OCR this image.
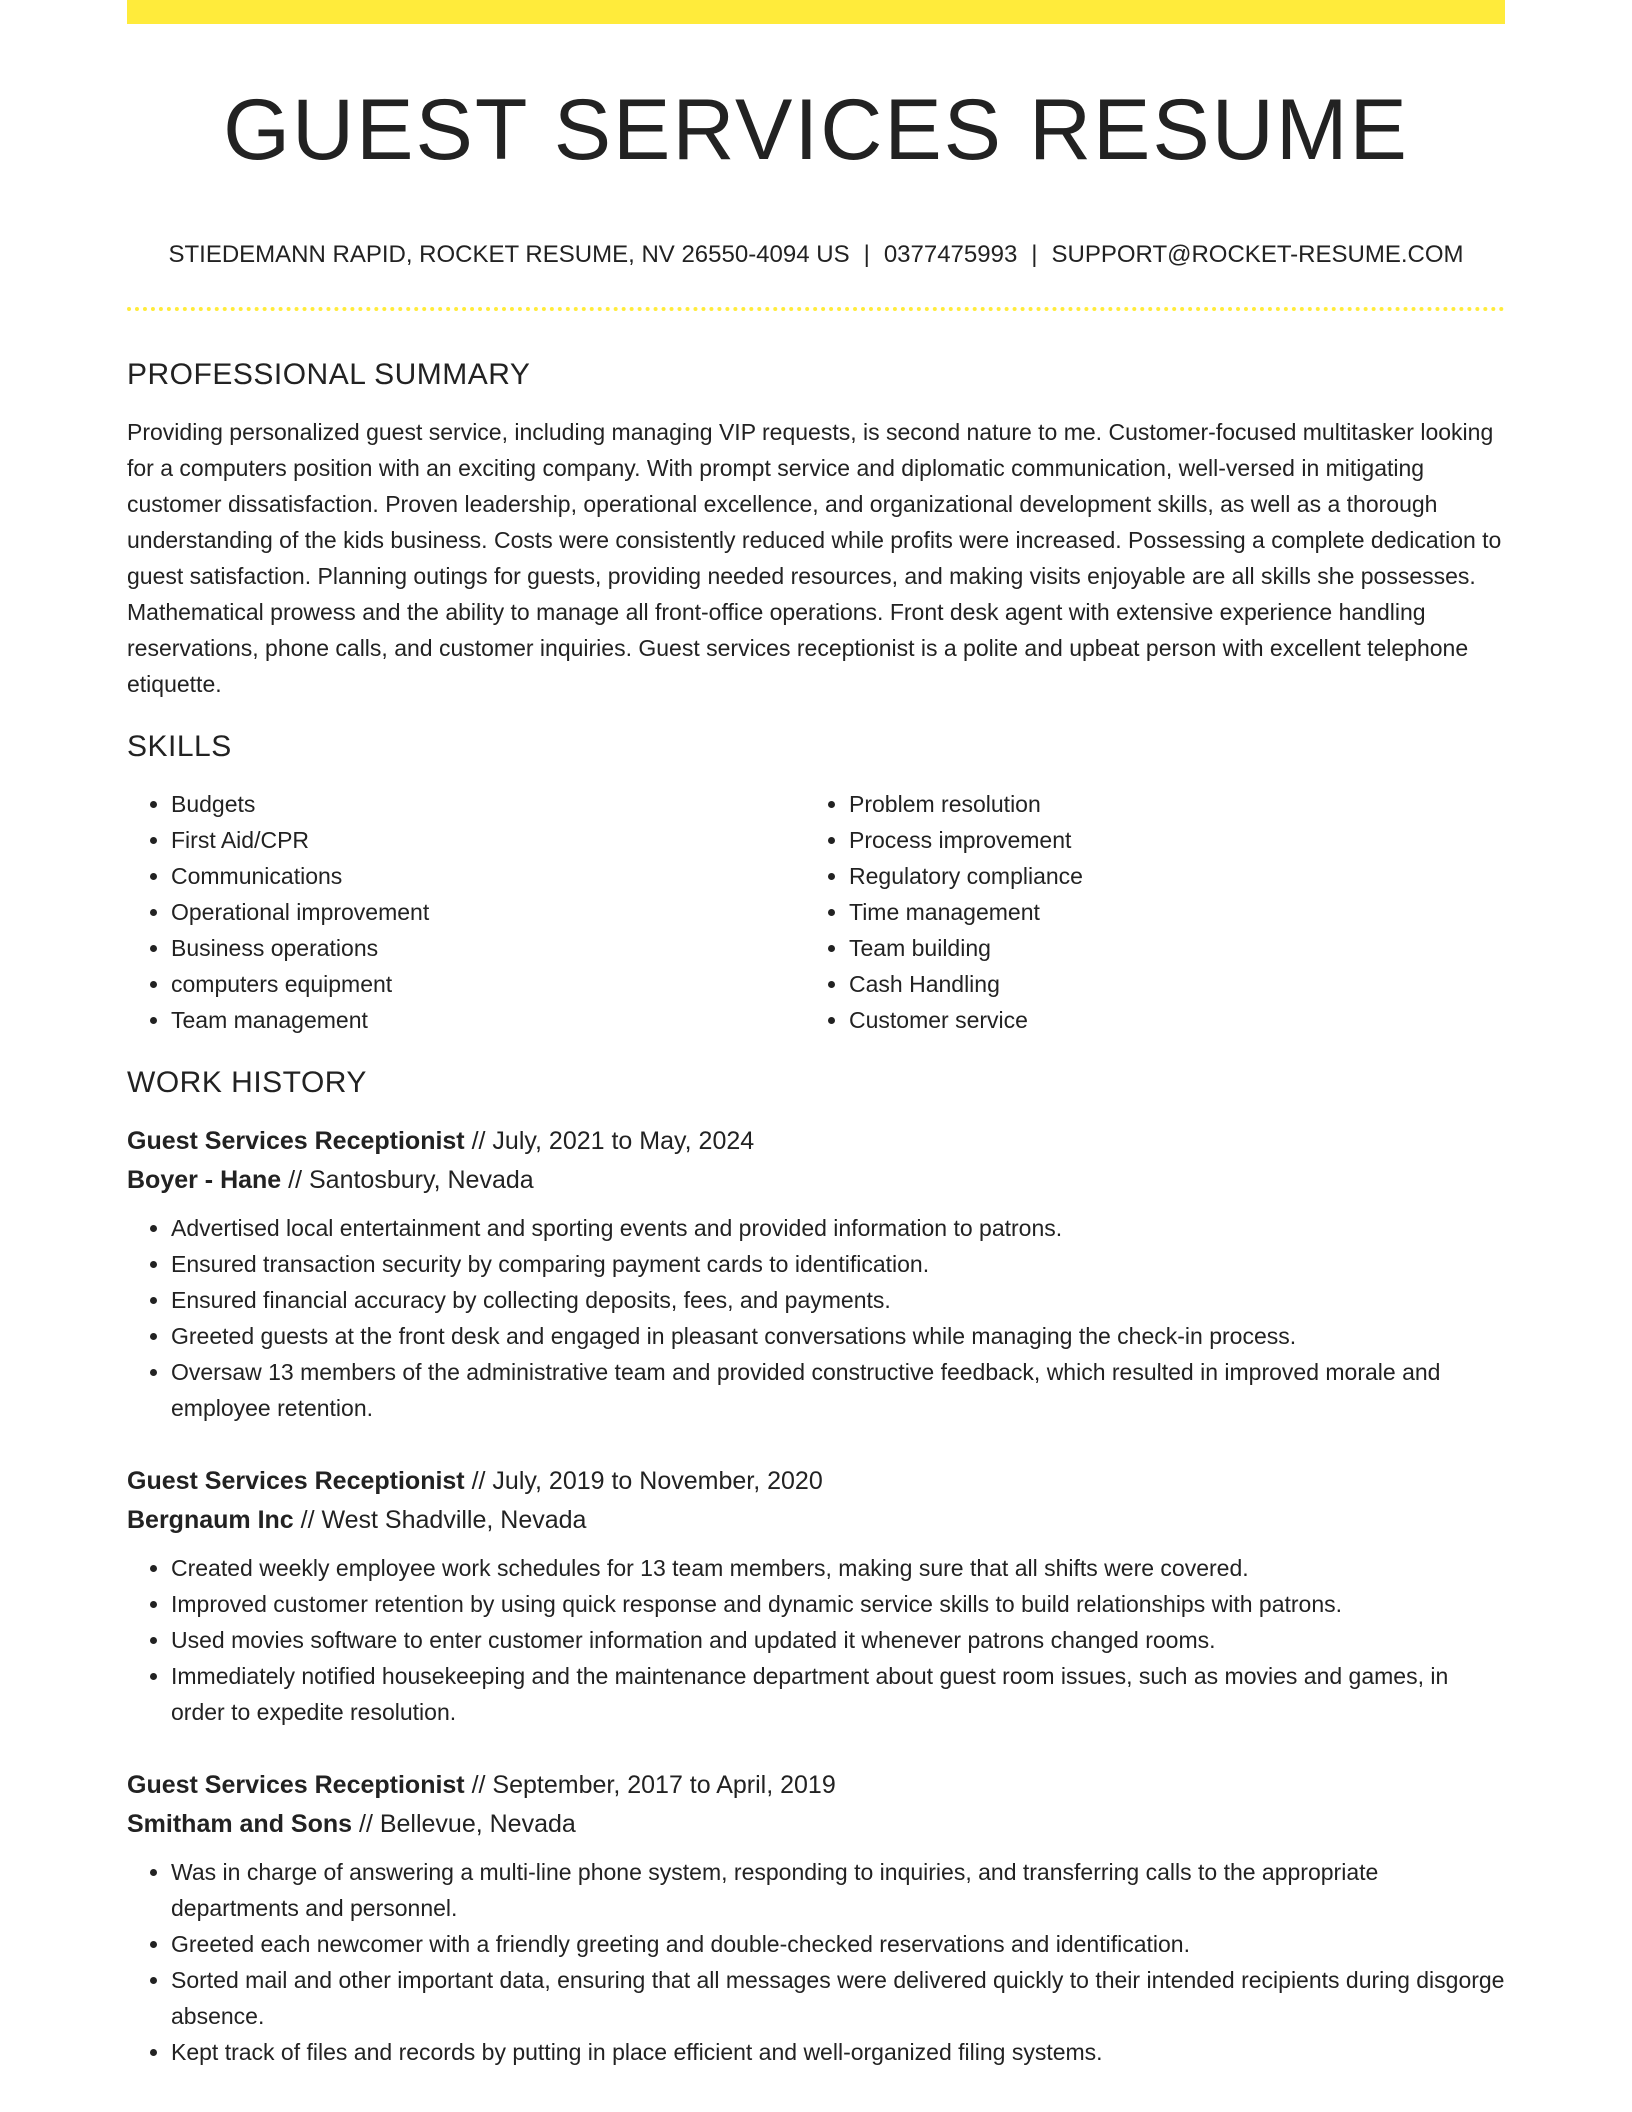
GUEST SERVICES RESUME
STIEDEMANN RAPID, ROCKET RESUME, NV 26550-4094 US | 0377475993 | SUPPORT@ROCKET-RESUME.COM
PROFESSIONAL SUMMARY

Providing personalized guest service, including managing VIP requests, is second nature to me. Customer-focused multitasker looking for a computers position with an exciting company. With prompt service and diplomatic communication, well-versed in mitigating customer dissatisfaction. Proven leadership, operational excellence, and organizational development skills, as well as a thorough understanding of the kids business. Costs were consistently reduced while profits were increased. Possessing a complete dedication to guest satisfaction. Planning outings for guests, providing needed resources, and making visits enjoyable are all skills she possesses. Mathematical prowess and the ability to manage all front-office operations. Front desk agent with extensive experience handling reservations, phone calls, and customer inquiries. Guest services receptionist is a polite and upbeat person with excellent telephone etiquette.

SKILLS
• Budgets
• First Aid/CPR
• Communications
• Operational improvement
• Business operations
• computers equipment
• Team management
• Problem resolution
• Process improvement
• Regulatory compliance
• Time management
• Team building
• Cash Handling
• Customer service
WORK HISTORY

Guest Services Receptionist // July, 2021 to May, 2024

Boyer - Hane // Santosbury, Nevada

• Advertised local entertainment and sporting events and provided information to patrons.
• Ensured transaction security by comparing payment cards to identification.
• Ensured financial accuracy by collecting deposits, fees, and payments.
• Greeted guests at the front desk and engaged in pleasant conversations while managing the check-in process.
• Oversaw 13 members of the administrative team and provided constructive feedback, which resulted in improved morale and employee retention.

Guest Services Receptionist // July, 2019 to November, 2020

Bergnaum Inc // West Shadville, Nevada

• Created weekly employee work schedules for 13 team members, making sure that all shifts were covered.
• Improved customer retention by using quick response and dynamic service skills to build relationships with patrons.
• Used movies software to enter customer information and updated it whenever patrons changed rooms.
• Immediately notified housekeeping and the maintenance department about guest room issues, such as movies and games, in order to expedite resolution.

Guest Services Receptionist // September, 2017 to April, 2019

Smitham and Sons // Bellevue, Nevada

• Was in charge of answering a multi-line phone system, responding to inquiries, and transferring calls to the appropriate departments and personnel.
• Greeted each newcomer with a friendly greeting and double-checked reservations and identification.
• Sorted mail and other important data, ensuring that all messages were delivered quickly to their intended recipients during disgorge absence.
• Kept track of files and records by putting in place efficient and well-organized filing systems.
